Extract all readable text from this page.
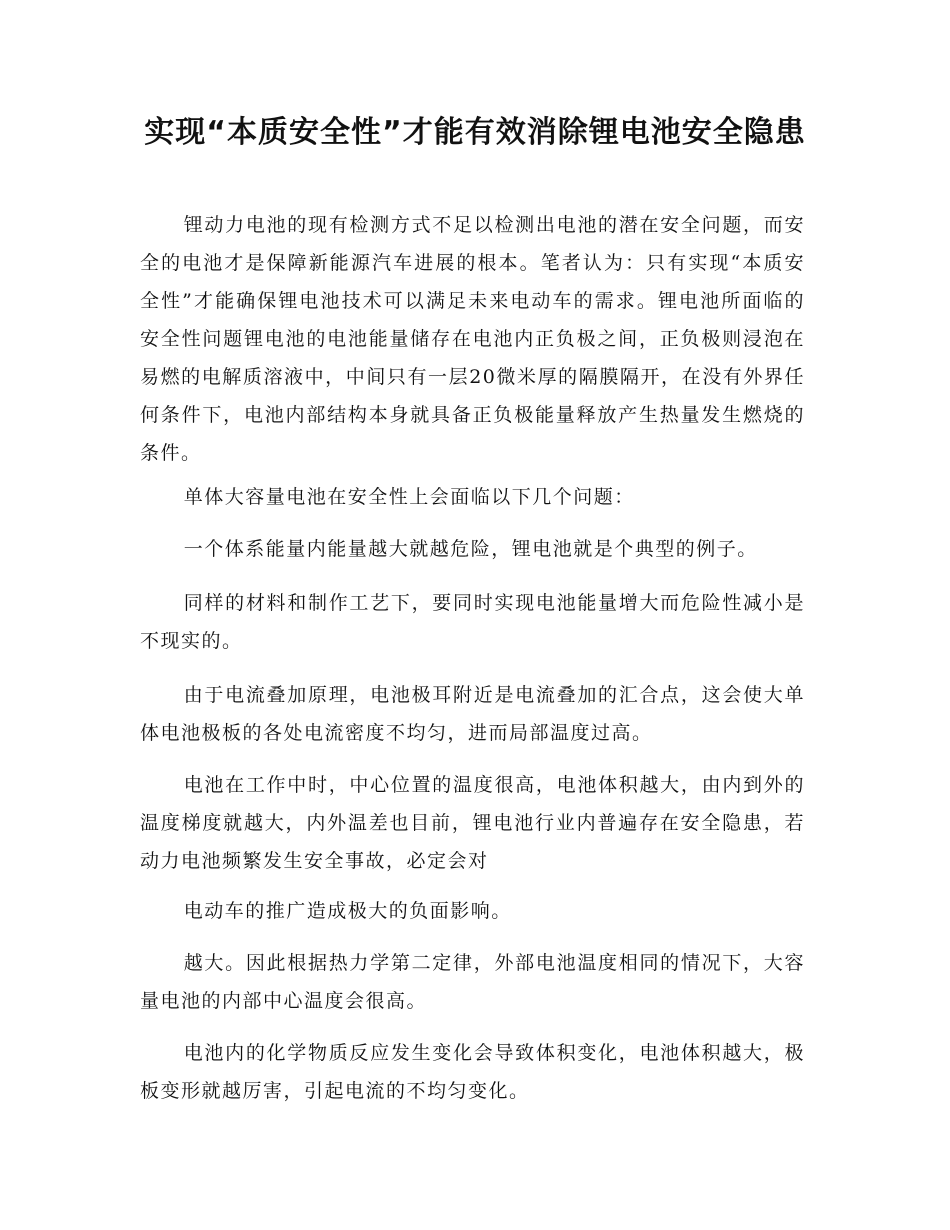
实现“本质安全性”才能有效消除锂电池安全隐患

锂动力电池的现有检测方式不足以检测出电池的潜在安全问题，而安全的电池才是保障新能源汽车进展的根本。笔者认为：只有实现“本质安全性”才能确保锂电池技术可以满足未来电动车的需求。锂电池所面临的安全性问题锂电池的电池能量储存在电池内正负极之间，正负极则浸泡在易燃的电解质溶液中，中间只有一层20微米厚的隔膜隔开，在没有外界任何条件下，电池内部结构本身就具备正负极能量释放产生热量发生燃烧的条件。

单体大容量电池在安全性上会面临以下几个问题：

一个体系能量内能量越大就越危险，锂电池就是个典型的例子。

同样的材料和制作工艺下，要同时实现电池能量增大而危险性减小是不现实的。

由于电流叠加原理，电池极耳附近是电流叠加的汇合点，这会使大单体电池极板的各处电流密度不均匀，进而局部温度过高。

电池在工作中时，中心位置的温度很高，电池体积越大，由内到外的温度梯度就越大，内外温差也目前，锂电池行业内普遍存在安全隐患，若动力电池频繁发生安全事故，必定会对

电动车的推广造成极大的负面影响。

越大。因此根据热力学第二定律，外部电池温度相同的情况下，大容量电池的内部中心温度会很高。

电池内的化学物质反应发生变化会导致体积变化，电池体积越大，极板变形就越厉害，引起电流的不均匀变化。
